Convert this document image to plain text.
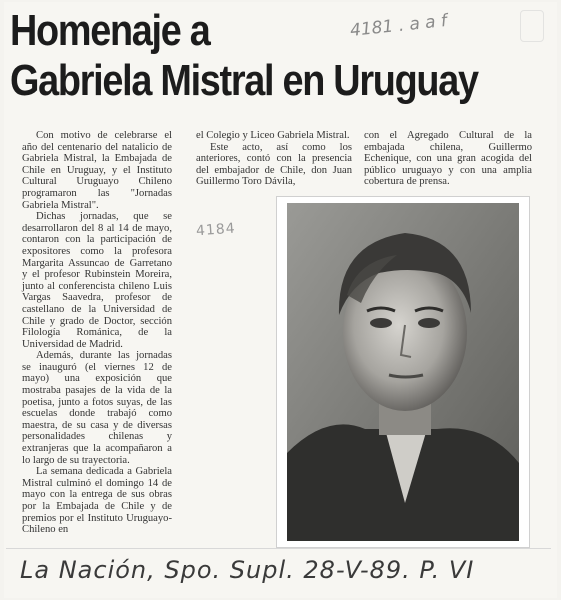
Homenaje a
Gabriela Mistral en Uruguay
4181 . a a f

Con motivo de celebrarse el año del centenario del natalicio de Gabriela Mistral, la Embajada de Chile en Uruguay, y el Instituto Cultural Uruguayo Chileno programaron las "Jornadas Gabriela Mistral".

Dichas jornadas, que se desarrollaron del 8 al 14 de mayo, contaron con la participación de expositores como la profesora Margarita Assuncao de Garretano y el profesor Rubinstein Moreira, junto al conferencista chileno Luis Vargas Saavedra, profesor de castellano de la Universidad de Chile y grado de Doctor, sección Filología Románica, de la Universidad de Madrid.

Además, durante las jornadas se inauguró (el viernes 12 de mayo) una exposición que mostraba pasajes de la vida de la poetisa, junto a fotos suyas, de las escuelas donde trabajó como maestra, de su casa y de diversas personalidades chilenas y extranjeras que la acompañaron a lo largo de su trayectoria.

La semana dedicada a Gabriela Mistral culminó el domingo 14 de mayo con la entrega de sus obras por la Embajada de Chile y de premios por el Instituto Uruguayo-Chileno en

el Colegio y Liceo Gabriela Mistral.

Este acto, así como los anteriores, contó con la presencia del embajador de Chile, don Juan Guillermo Toro Dávila,

con el Agregado Cultural de la embajada chilena, Guillermo Echenique, con una gran acogida del público uruguayo y con una amplia cobertura de prensa.

4184
La Nación, Spo. Supl. 28-V-89. P. VI
